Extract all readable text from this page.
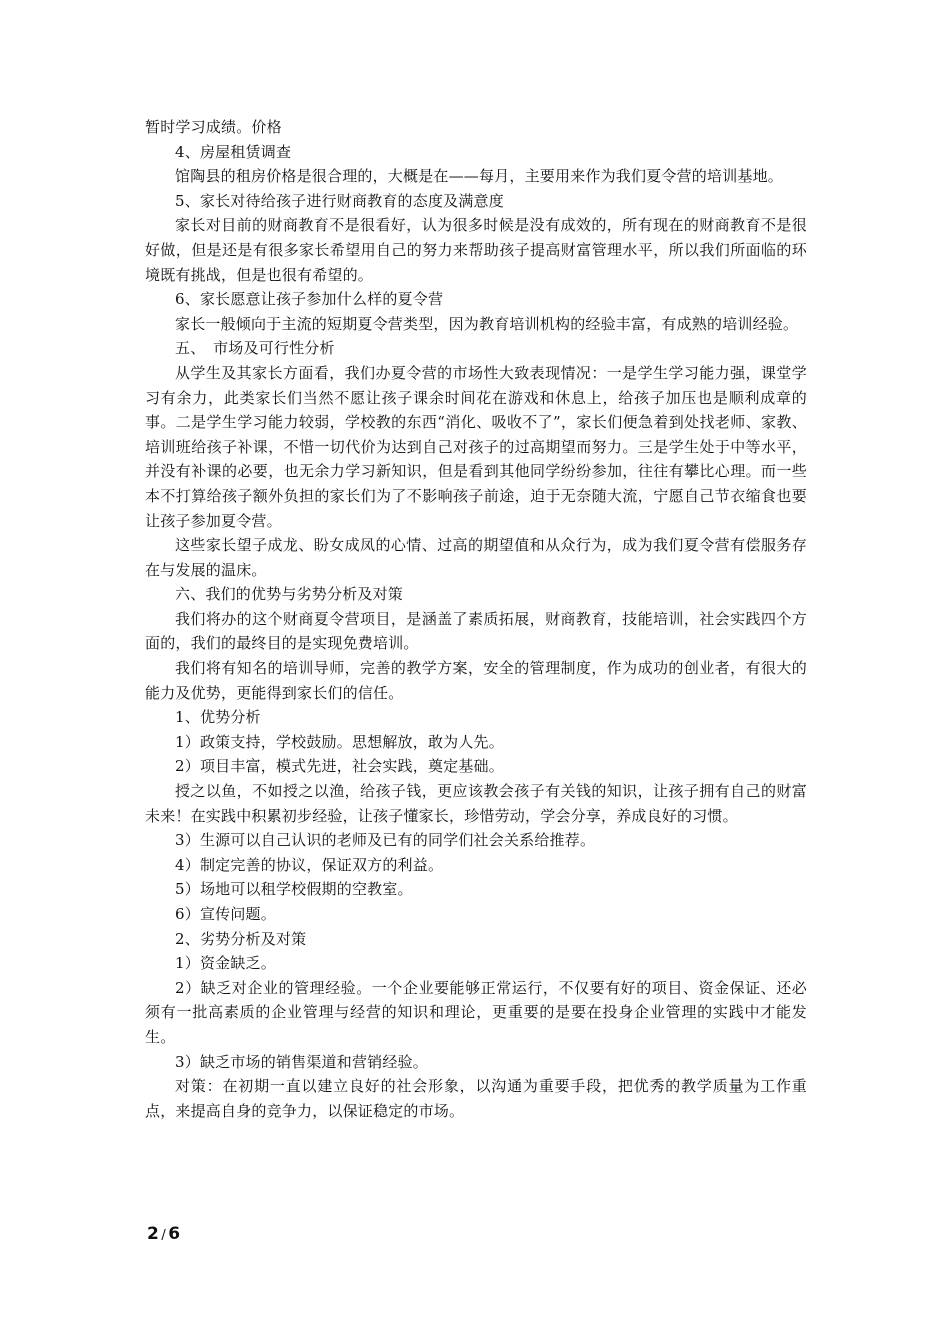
暂时学习成绩。价格

4、房屋租赁调查

馆陶县的租房价格是很合理的，大概是在——每月，主要用来作为我们夏令营的培训基地。

5、家长对待给孩子进行财商教育的态度及满意度

家长对目前的财商教育不是很看好，认为很多时候是没有成效的，所有现在的财商教育不是很好做，但是还是有很多家长希望用自己的努力来帮助孩子提高财富管理水平，所以我们所面临的环境既有挑战，但是也很有希望的。

6、家长愿意让孩子参加什么样的夏令营

家长一般倾向于主流的短期夏令营类型，因为教育培训机构的经验丰富，有成熟的培训经验。

五、　市场及可行性分析

从学生及其家长方面看，我们办夏令营的市场性大致表现情况：一是学生学习能力强，课堂学习有余力，此类家长们当然不愿让孩子课余时间花在游戏和休息上，给孩子加压也是顺利成章的事。二是学生学习能力较弱，学校教的东西“消化、吸收不了”，家长们便急着到处找老师、家教、培训班给孩子补课，不惜一切代价为达到自己对孩子的过高期望而努力。三是学生处于中等水平，并没有补课的必要，也无余力学习新知识，但是看到其他同学纷纷参加，往往有攀比心理。而一些本不打算给孩子额外负担的家长们为了不影响孩子前途，迫于无奈随大流，宁愿自己节衣缩食也要让孩子参加夏令营。

这些家长望子成龙、盼女成凤的心情、过高的期望值和从众行为，成为我们夏令营有偿服务存在与发展的温床。

六、我们的优势与劣势分析及对策

我们将办的这个财商夏令营项目，是涵盖了素质拓展，财商教育，技能培训，社会实践四个方面的，我们的最终目的是实现免费培训。

我们将有知名的培训导师，完善的教学方案，安全的管理制度，作为成功的创业者，有很大的能力及优势，更能得到家长们的信任。

1、优势分析

1）政策支持，学校鼓励。思想解放，敢为人先。

2）项目丰富，模式先进，社会实践，奠定基础。

授之以鱼，不如授之以渔，给孩子钱，更应该教会孩子有关钱的知识，让孩子拥有自己的财富未来！在实践中积累初步经验，让孩子懂家长，珍惜劳动，学会分享，养成良好的习惯。

3）生源可以自己认识的老师及已有的同学们社会关系给推荐。

4）制定完善的协议，保证双方的利益。

5）场地可以租学校假期的空教室。

6）宣传问题。

2、劣势分析及对策

1）资金缺乏。

2）缺乏对企业的管理经验。一个企业要能够正常运行，不仅要有好的项目、资金保证、还必须有一批高素质的企业管理与经营的知识和理论，更重要的是要在投身企业管理的实践中才能发生。

3）缺乏市场的销售渠道和营销经验。

对策：在初期一直以建立良好的社会形象，以沟通为重要手段，把优秀的教学质量为工作重点，来提高自身的竞争力，以保证稳定的市场。

2 / 6
